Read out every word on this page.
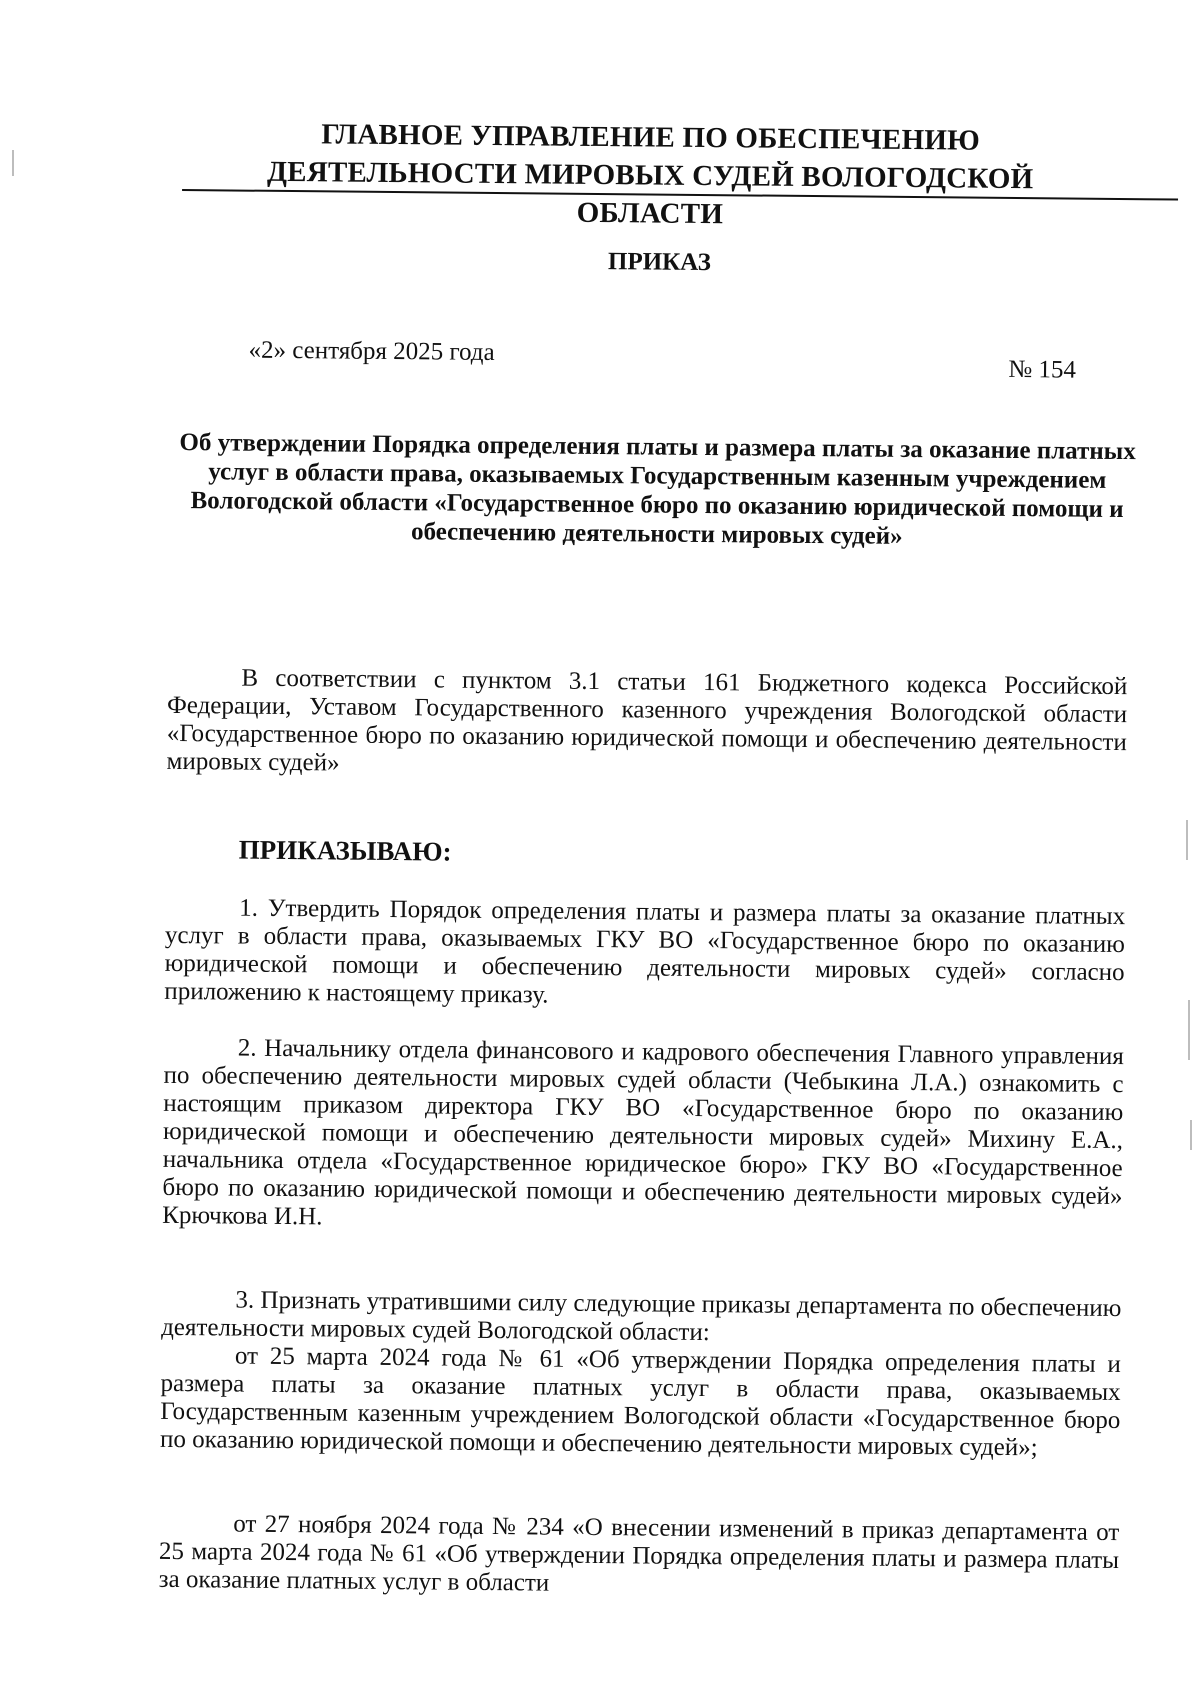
ГЛАВНОЕ УПРАВЛЕНИЕ ПО ОБЕСПЕЧЕНИЮ
ДЕЯТЕЛЬНОСТИ МИРОВЫХ СУДЕЙ ВОЛОГОДСКОЙ ОБЛАСТИ
ПРИКАЗ
«2» сентября 2025 года
№ 154
Об утверждении Порядка определения платы и размера платы за оказание платных услуг в области права, оказываемых Государственным казенным учреждением Вологодской области «Государственное бюро по оказанию юридической помощи и обеспечению деятельности мировых судей»
В соответствии с пунктом 3.1 статьи 161 Бюджетного кодекса Российской Федерации, Уставом Государственного казенного учреждения Вологодской области «Государственное бюро по оказанию юридической помощи и обеспечению деятельности мировых судей»
ПРИКАЗЫВАЮ:
1. Утвердить Порядок определения платы и размера платы за оказание платных услуг в области права, оказываемых ГКУ ВО «Государственное бюро по оказанию юридической помощи и обеспечению деятельности мировых судей» согласно приложению к настоящему приказу.
2. Начальнику отдела финансового и кадрового обеспечения Главного управления по обеспечению деятельности мировых судей области (Чебыкина Л.А.) ознакомить с настоящим приказом директора ГКУ ВО «Государственное бюро по оказанию юридической помощи и обеспечению деятельности мировых судей» Михину Е.А., начальника отдела «Государственное юридическое бюро» ГКУ ВО «Государственное бюро по оказанию юридической помощи и обеспечению деятельности мировых судей» Крючкова И.Н.
3. Признать утратившими силу следующие приказы департамента по обеспечению деятельности мировых судей Вологодской области:
от 25 марта 2024 года № 61 «Об утверждении Порядка определения платы и размера платы за оказание платных услуг в области права, оказываемых Государственным казенным учреждением Вологодской области «Государственное бюро по оказанию юридической помощи и обеспечению деятельности мировых судей»;
от 27 ноября 2024 года № 234 «О внесении изменений в приказ департамента от 25 марта 2024 года № 61 «Об утверждении Порядка определения платы и размера платы за оказание платных услуг в области
